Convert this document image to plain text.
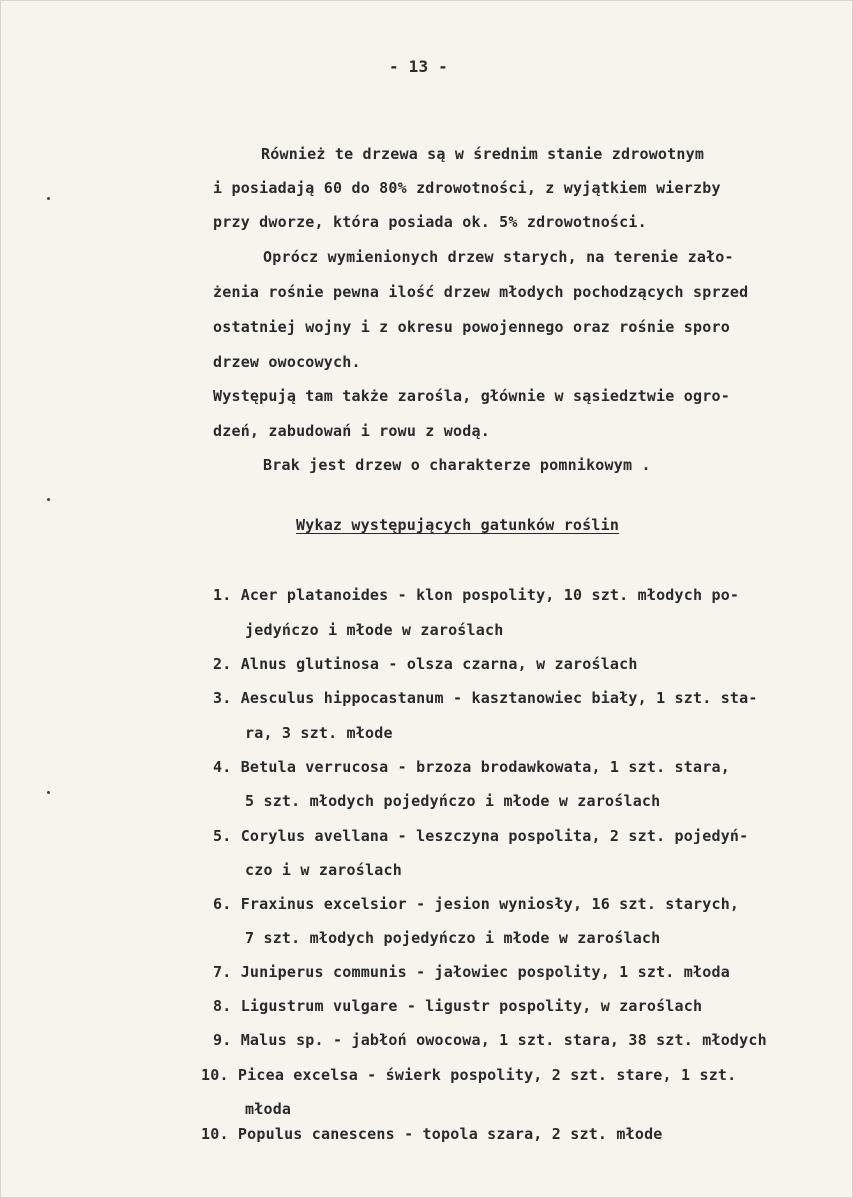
- 13 -
Również te drzewa są w średnim stanie zdrowotnym
i posiadają 60 do 80% zdrowotności, z wyjątkiem wierzby
przy dworze, która posiada ok. 5% zdrowotności.
Oprócz wymienionych drzew starych, na terenie zało-
żenia rośnie pewna ilość drzew młodych pochodzących sprzed
ostatniej wojny i z okresu powojennego oraz rośnie sporo
drzew owocowych.
Występują tam także zarośla, głównie w sąsiedztwie ogro-
dzeń, zabudowań i rowu z wodą.
Brak jest drzew o charakterze pomnikowym .
Wykaz występujących gatunków roślin
1. Acer platanoides - klon pospolity, 10 szt. młodych po-
jedyńczo i młode w zaroślach
2. Alnus glutinosa - olsza czarna, w zaroślach
3. Aesculus hippocastanum - kasztanowiec biały, 1 szt. sta-
ra, 3 szt. młode
4. Betula verrucosa - brzoza brodawkowata, 1 szt. stara,
5 szt. młodych pojedyńczo i młode w zaroślach
5. Corylus avellana - leszczyna pospolita, 2 szt. pojedyń-
czo i w zaroślach
6. Fraxinus excelsior - jesion wyniosły, 16 szt. starych,
7 szt. młodych pojedyńczo i młode w zaroślach
7. Juniperus communis - jałowiec pospolity, 1 szt. młoda
8. Ligustrum vulgare - ligustr pospolity, w zaroślach
9. Malus sp. - jabłoń owocowa, 1 szt. stara, 38 szt. młodych
10. Picea excelsa - świerk pospolity, 2 szt. stare, 1 szt.
młoda
10. Populus canescens - topola szara, 2 szt. młode
